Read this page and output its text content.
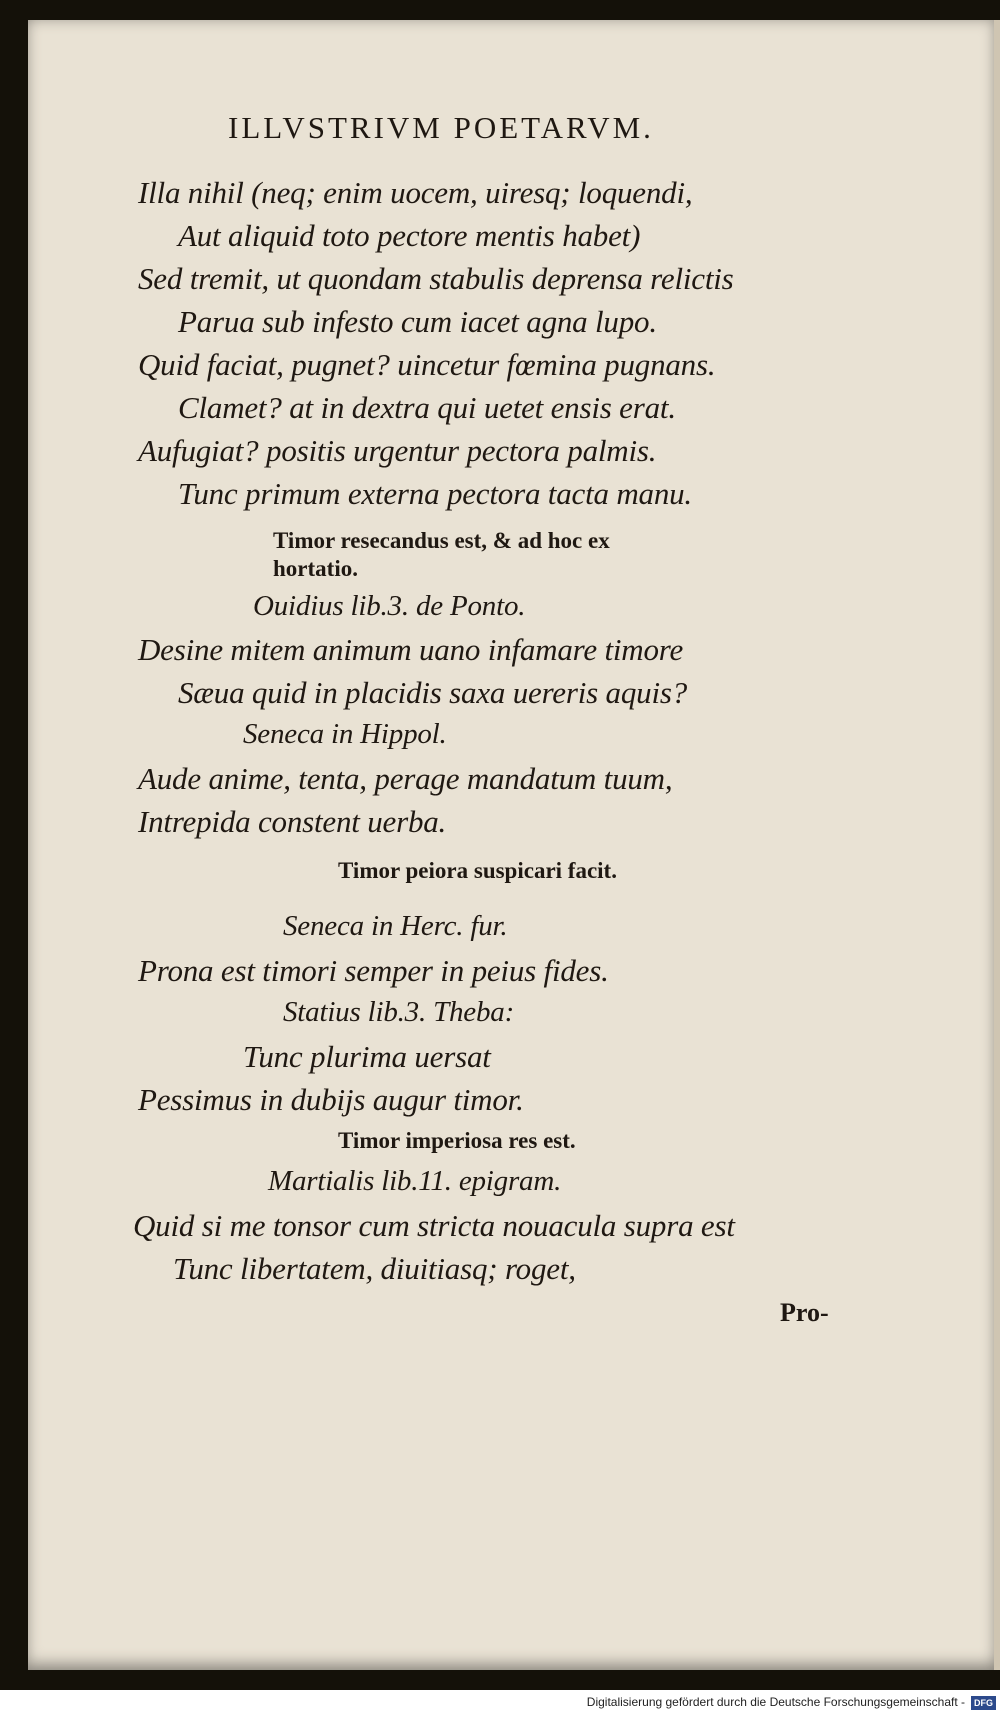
ILLVSTRIVM POETARVM.
Illa nihil (neq; enim uocem, uiresq; loquendi,
Aut aliquid toto pectore mentis habet)
Sed tremit, ut quondam stabulis deprensa relictis
Parua sub infesto cum iacet agna lupo.
Quid faciat, pugnet? uincetur fœmina pugnans.
Clamet? at in dextra qui uetet ensis erat.
Aufugiat? positis urgentur pectora palmis.
Tunc primum externa pectora tacta manu.
Timor resecandus est, & ad hoc ex
hortatio.
Ouidius lib.3. de Ponto.
Desine mitem animum uano infamare timore
Sæua quid in placidis saxa uereris aquis?
Seneca in Hippol.
Aude anime, tenta, perage mandatum tuum,
Intrepida constent uerba.
Timor peiora suspicari facit.
Seneca in Herc. fur.
Prona est timori semper in peius fides.
Statius lib.3. Theba:
Tunc plurima uersat
Pessimus in dubijs augur timor.
Timor imperiosa res est.
Martialis lib.11. epigram.
Quid si me tonsor cum stricta nouacula supra est
Tunc libertatem, diuitiasq; roget,
Pro-
Digitalisierung gefördert durch die Deutsche Forschungsgemeinschaft - DFG
